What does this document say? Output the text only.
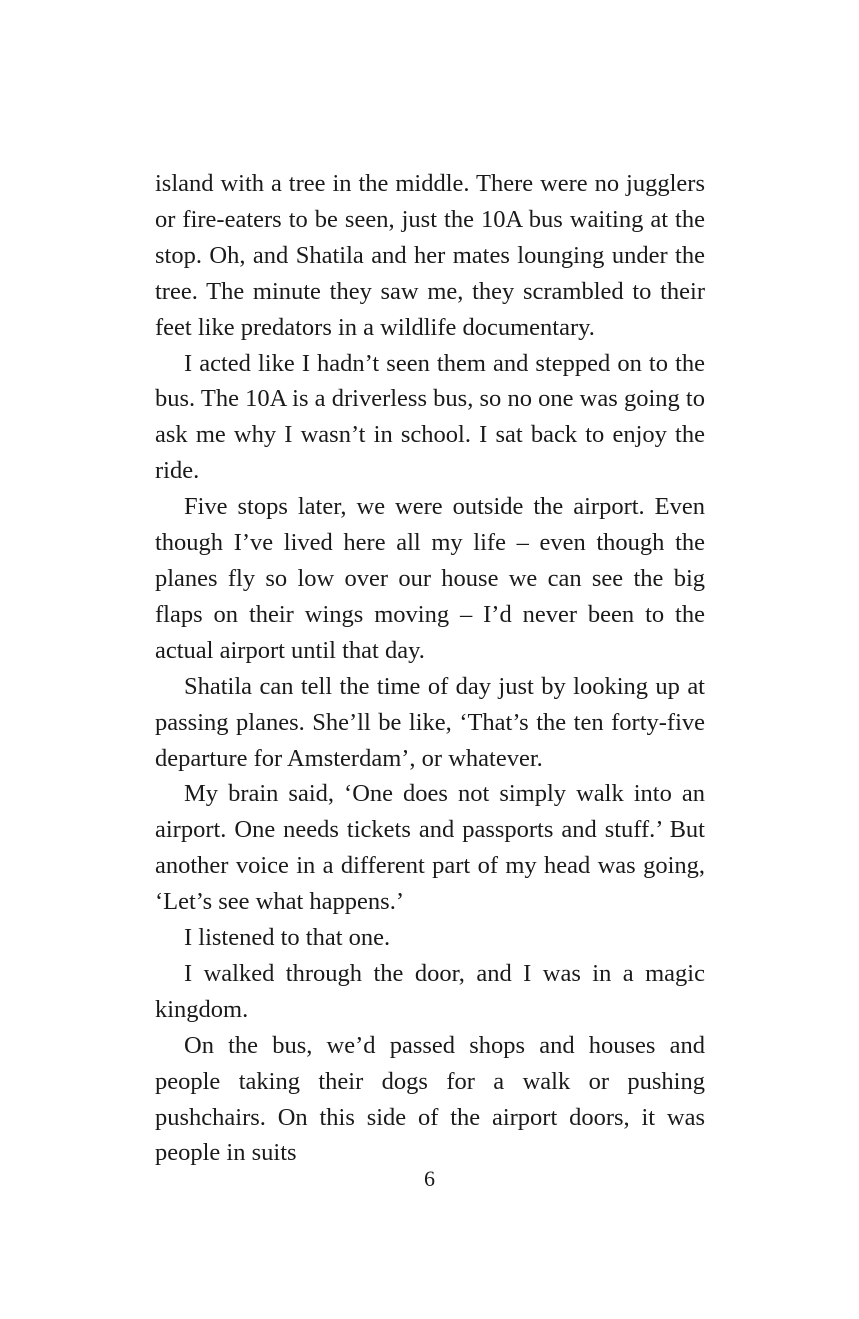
island with a tree in the middle. There were no jugglers or fire-eaters to be seen, just the 10A bus waiting at the stop. Oh, and Shatila and her mates lounging under the tree. The minute they saw me, they scrambled to their feet like predators in a wildlife documentary.

I acted like I hadn’t seen them and stepped on to the bus. The 10A is a driverless bus, so no one was going to ask me why I wasn’t in school. I sat back to enjoy the ride.

Five stops later, we were outside the airport. Even though I’ve lived here all my life – even though the planes fly so low over our house we can see the big flaps on their wings moving – I’d never been to the actual airport until that day.

Shatila can tell the time of day just by looking up at passing planes. She’ll be like, ‘That’s the ten forty-five departure for Amsterdam’, or whatever.

My brain said, ‘One does not simply walk into an airport. One needs tickets and passports and stuff.’ But another voice in a different part of my head was going, ‘Let’s see what happens.’

I listened to that one.

I walked through the door, and I was in a magic kingdom.

On the bus, we’d passed shops and houses and people taking their dogs for a walk or pushing pushchairs. On this side of the airport doors, it was people in suits

6
